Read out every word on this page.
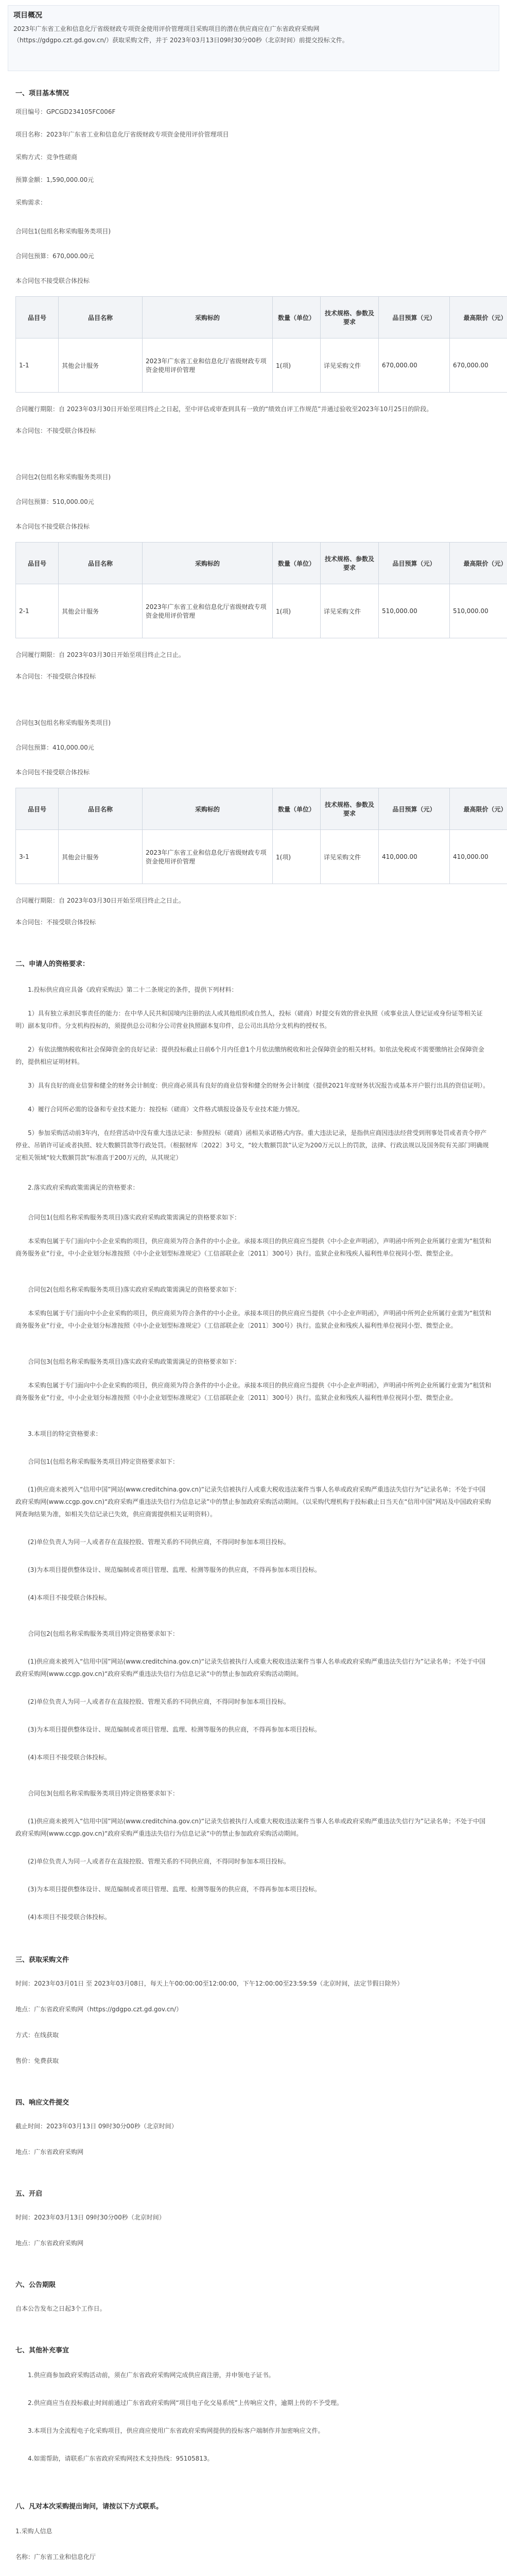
项目概况

2023年广东省工业和信息化厅省级财政专项资金使用评价管理项目采购项目的潜在供应商应在广东省政府采购网

（https://gdgpo.czt.gd.gov.cn/）获取采购文件，并于 2023年03月13日09时30分00秒（北京时间）前提交投标文件。

一、项目基本情况

项目编号：GPCGD234105FC006F

项目名称：2023年广东省工业和信息化厅省级财政专项资金使用评价管理项目

采购方式：竞争性磋商

预算金额：1,590,000.00元

采购需求：

合同包1(包组名称采购服务类项目)

合同包预算：670,000.00元

本合同包不接受联合体投标

品目号	品目名称	采购标的	数量（单位）	技术规格、参数及要求	品目预算（元）	最高限价（元）
1-1	其他会计服务	2023年广东省工业和信息化厅省级财政专项资金使用评价管理	1(项)	详见采购文件	670,000.00	670,000.00

合同履行期限：自 2023年03月30日开始至项目终止之日起，至中评估或审查到具有一致的“绩效自评工作规范”并通过验收至2023年10月25日的阶段。

本合同包：不接受联合体投标

合同包2(包组名称采购服务类项目)

合同包预算：510,000.00元

本合同包不接受联合体投标

品目号	品目名称	采购标的	数量（单位）	技术规格、参数及要求	品目预算（元）	最高限价（元）
2-1	其他会计服务	2023年广东省工业和信息化厅省级财政专项资金使用评价管理	1(项)	详见采购文件	510,000.00	510,000.00

合同履行期限：自 2023年03月30日开始至项目终止之日止。

本合同包：不接受联合体投标

合同包3(包组名称采购服务类项目)

合同包预算：410,000.00元

本合同包不接受联合体投标

品目号	品目名称	采购标的	数量（单位）	技术规格、参数及要求	品目预算（元）	最高限价（元）
3-1	其他会计服务	2023年广东省工业和信息化厅省级财政专项资金使用评价管理	1(项)	详见采购文件	410,000.00	410,000.00

合同履行期限：自 2023年03月30日开始至项目终止之日止。

本合同包：不接受联合体投标

二、申请人的资格要求：

1.投标供应商应具备《政府采购法》第二十二条规定的条件，提供下列材料：

1）具有独立承担民事责任的能力：在中华人民共和国境内注册的法人或其他组织或自然人，投标（磋商）时提交有效的营业执照（或事业法人登记证或身份证等相关证明）副本复印件。分支机构投标的，须提供总公司和分公司营业执照副本复印件，总公司出具给分支机构的授权书。

2）有依法缴纳税收和社会保障资金的良好记录：提供投标截止日前6个月内任意1个月依法缴纳税收和社会保障资金的相关材料。如依法免税或不需要缴纳社会保障资金的，提供相应证明材料。

3）具有良好的商业信誉和健全的财务会计制度：供应商必须具有良好的商业信誉和健全的财务会计制度（提供2021年度财务状况报告或基本开户银行出具的资信证明）。

4）履行合同所必需的设备和专业技术能力：按投标（磋商）文件格式填报设备及专业技术能力情况。

5）参加采购活动前3年内，在经营活动中没有重大违法记录：参照投标（磋商）函相关承诺格式内容。重大违法记录，是指供应商因违法经营受到刑事处罚或者责令停产停业、吊销许可证或者执照、较大数额罚款等行政处罚。（根据财库〔2022〕3号文，“较大数额罚款”认定为200万元以上的罚款，法律、行政法规以及国务院有关部门明确规定相关领域“较大数额罚款”标准高于200万元的，从其规定）

2.落实政府采购政策需满足的资格要求：

合同包1(包组名称采购服务类项目)落实政府采购政策需满足的资格要求如下：

本采购包属于专门面向中小企业采购的项目，供应商须为符合条件的中小企业。承接本项目的供应商应当提供《中小企业声明函》，声明函中所列企业所属行业需为“租赁和商务服务业”行业，中小企业划分标准按照《中小企业划型标准规定》（工信部联企业〔2011〕300号）执行。监狱企业和残疾人福利性单位视同小型、微型企业。

合同包2(包组名称采购服务类项目)落实政府采购政策需满足的资格要求如下：

本采购包属于专门面向中小企业采购的项目，供应商须为符合条件的中小企业。承接本项目的供应商应当提供《中小企业声明函》，声明函中所列企业所属行业需为“租赁和商务服务业”行业，中小企业划分标准按照《中小企业划型标准规定》（工信部联企业〔2011〕300号）执行。监狱企业和残疾人福利性单位视同小型、微型企业。

合同包3(包组名称采购服务类项目)落实政府采购政策需满足的资格要求如下：

本采购包属于专门面向中小企业采购的项目，供应商须为符合条件的中小企业。承接本项目的供应商应当提供《中小企业声明函》，声明函中所列企业所属行业需为“租赁和商务服务业”行业，中小企业划分标准按照《中小企业划型标准规定》（工信部联企业〔2011〕300号）执行。监狱企业和残疾人福利性单位视同小型、微型企业。

3.本项目的特定资格要求：

合同包1(包组名称采购服务类项目)特定资格要求如下：

(1)供应商未被列入“信用中国”网站(www.creditchina.gov.cn)“记录失信被执行人或重大税收违法案件当事人名单或政府采购严重违法失信行为”记录名单；不处于中国政府采购网(www.ccgp.gov.cn)“政府采购严重违法失信行为信息记录”中的禁止参加政府采购活动期间。（以采购代理机构于投标截止日当天在“信用中国”网站及中国政府采购网查询结果为准，如相关失信记录已失效，供应商需提供相关证明资料）。

(2)单位负责人为同一人或者存在直接控股、管理关系的不同供应商，不得同时参加本项目投标。

(3)为本项目提供整体设计、规范编制或者项目管理、监理、检测等服务的供应商，不得再参加本项目投标。

(4)本项目不接受联合体投标。

合同包2(包组名称采购服务类项目)特定资格要求如下：

(1)供应商未被列入“信用中国”网站(www.creditchina.gov.cn)“记录失信被执行人或重大税收违法案件当事人名单或政府采购严重违法失信行为”记录名单；不处于中国政府采购网(www.ccgp.gov.cn)“政府采购严重违法失信行为信息记录”中的禁止参加政府采购活动期间。

(2)单位负责人为同一人或者存在直接控股、管理关系的不同供应商，不得同时参加本项目投标。

(3)为本项目提供整体设计、规范编制或者项目管理、监理、检测等服务的供应商，不得再参加本项目投标。

(4)本项目不接受联合体投标。

合同包3(包组名称采购服务类项目)特定资格要求如下：

(1)供应商未被列入“信用中国”网站(www.creditchina.gov.cn)“记录失信被执行人或重大税收违法案件当事人名单或政府采购严重违法失信行为”记录名单；不处于中国政府采购网(www.ccgp.gov.cn)“政府采购严重违法失信行为信息记录”中的禁止参加政府采购活动期间。

(2)单位负责人为同一人或者存在直接控股、管理关系的不同供应商，不得同时参加本项目投标。

(3)为本项目提供整体设计、规范编制或者项目管理、监理、检测等服务的供应商，不得再参加本项目投标。

(4)本项目不接受联合体投标。

三、获取采购文件

时间：2023年03月01日 至 2023年03月08日，每天上午00:00:00至12:00:00，下午12:00:00至23:59:59（北京时间，法定节假日除外）

地点：广东省政府采购网（https://gdgpo.czt.gd.gov.cn/）

方式：在线获取

售价：免费获取

四、响应文件提交

截止时间：2023年03月13日 09时30分00秒（北京时间）

地点：广东省政府采购网

五、开启

时间：2023年03月13日 09时30分00秒（北京时间）

地点：广东省政府采购网

六、公告期限

自本公告发布之日起3个工作日。

七、其他补充事宜

1.供应商参加政府采购活动前，须在广东省政府采购网完成供应商注册，并申领电子证书。

2.供应商应当在投标截止时间前通过广东省政府采购网“项目电子化交易系统”上传响应文件，逾期上传的不予受理。

3.本项目为全流程电子化采购项目，供应商应使用广东省政府采购网提供的投标客户端制作并加密响应文件。

4.如需帮助，请联系广东省政府采购网技术支持热线：95105813。

八、凡对本次采购提出询问，请按以下方式联系。

1.采购人信息

名称：广东省工业和信息化厅
